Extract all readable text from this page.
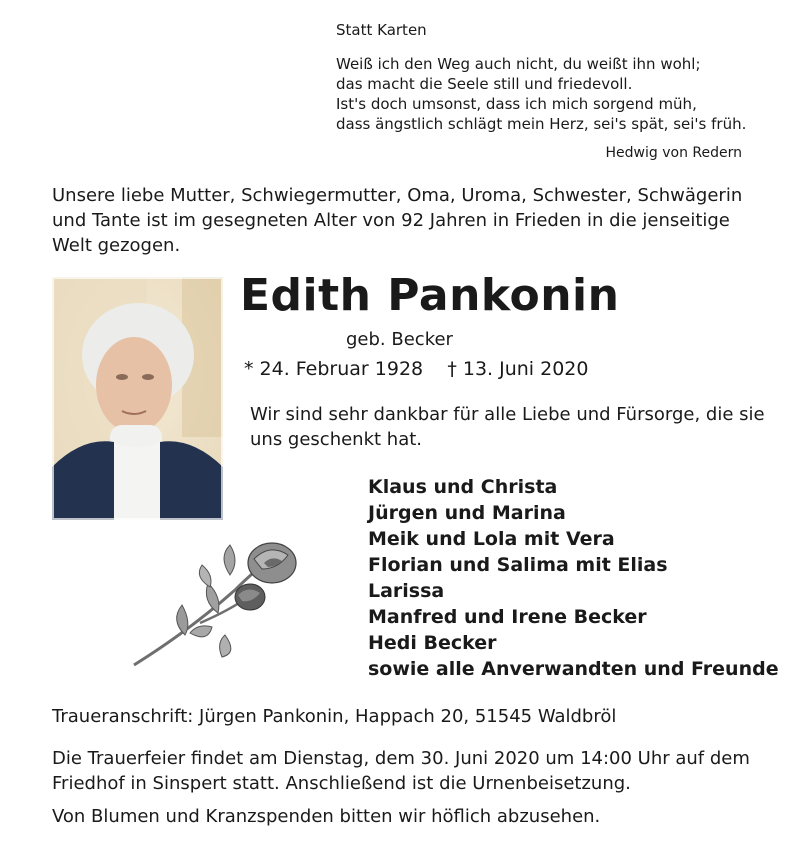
Statt Karten
Weiß ich den Weg auch nicht, du weißt ihn wohl;
das macht die Seele still und friedevoll.
Ist's doch umsonst, dass ich mich sorgend müh,
dass ängstlich schlägt mein Herz, sei's spät, sei's früh.
Hedwig von Redern
Unsere liebe Mutter, Schwiegermutter, Oma, Uroma, Schwester, Schwägerin und Tante ist im gesegneten Alter von 92 Jahren in Frieden in die jenseitige Welt gezogen.
Edith Pankonin
geb. Becker
* 24. Februar 1928 † 13. Juni 2020
Wir sind sehr dankbar für alle Liebe und Fürsorge, die sie uns geschenkt hat.
Klaus und Christa
Jürgen und Marina
Meik und Lola mit Vera
Florian und Salima mit Elias
Larissa
Manfred und Irene Becker
Hedi Becker
sowie alle Anverwandten und Freunde
Traueranschrift: Jürgen Pankonin, Happach 20, 51545 Waldbröl
Die Trauerfeier findet am Dienstag, dem 30. Juni 2020 um 14:00 Uhr auf dem Friedhof in Sinspert statt. Anschließend ist die Urnenbeisetzung.
Von Blumen und Kranzspenden bitten wir höflich abzusehen.
